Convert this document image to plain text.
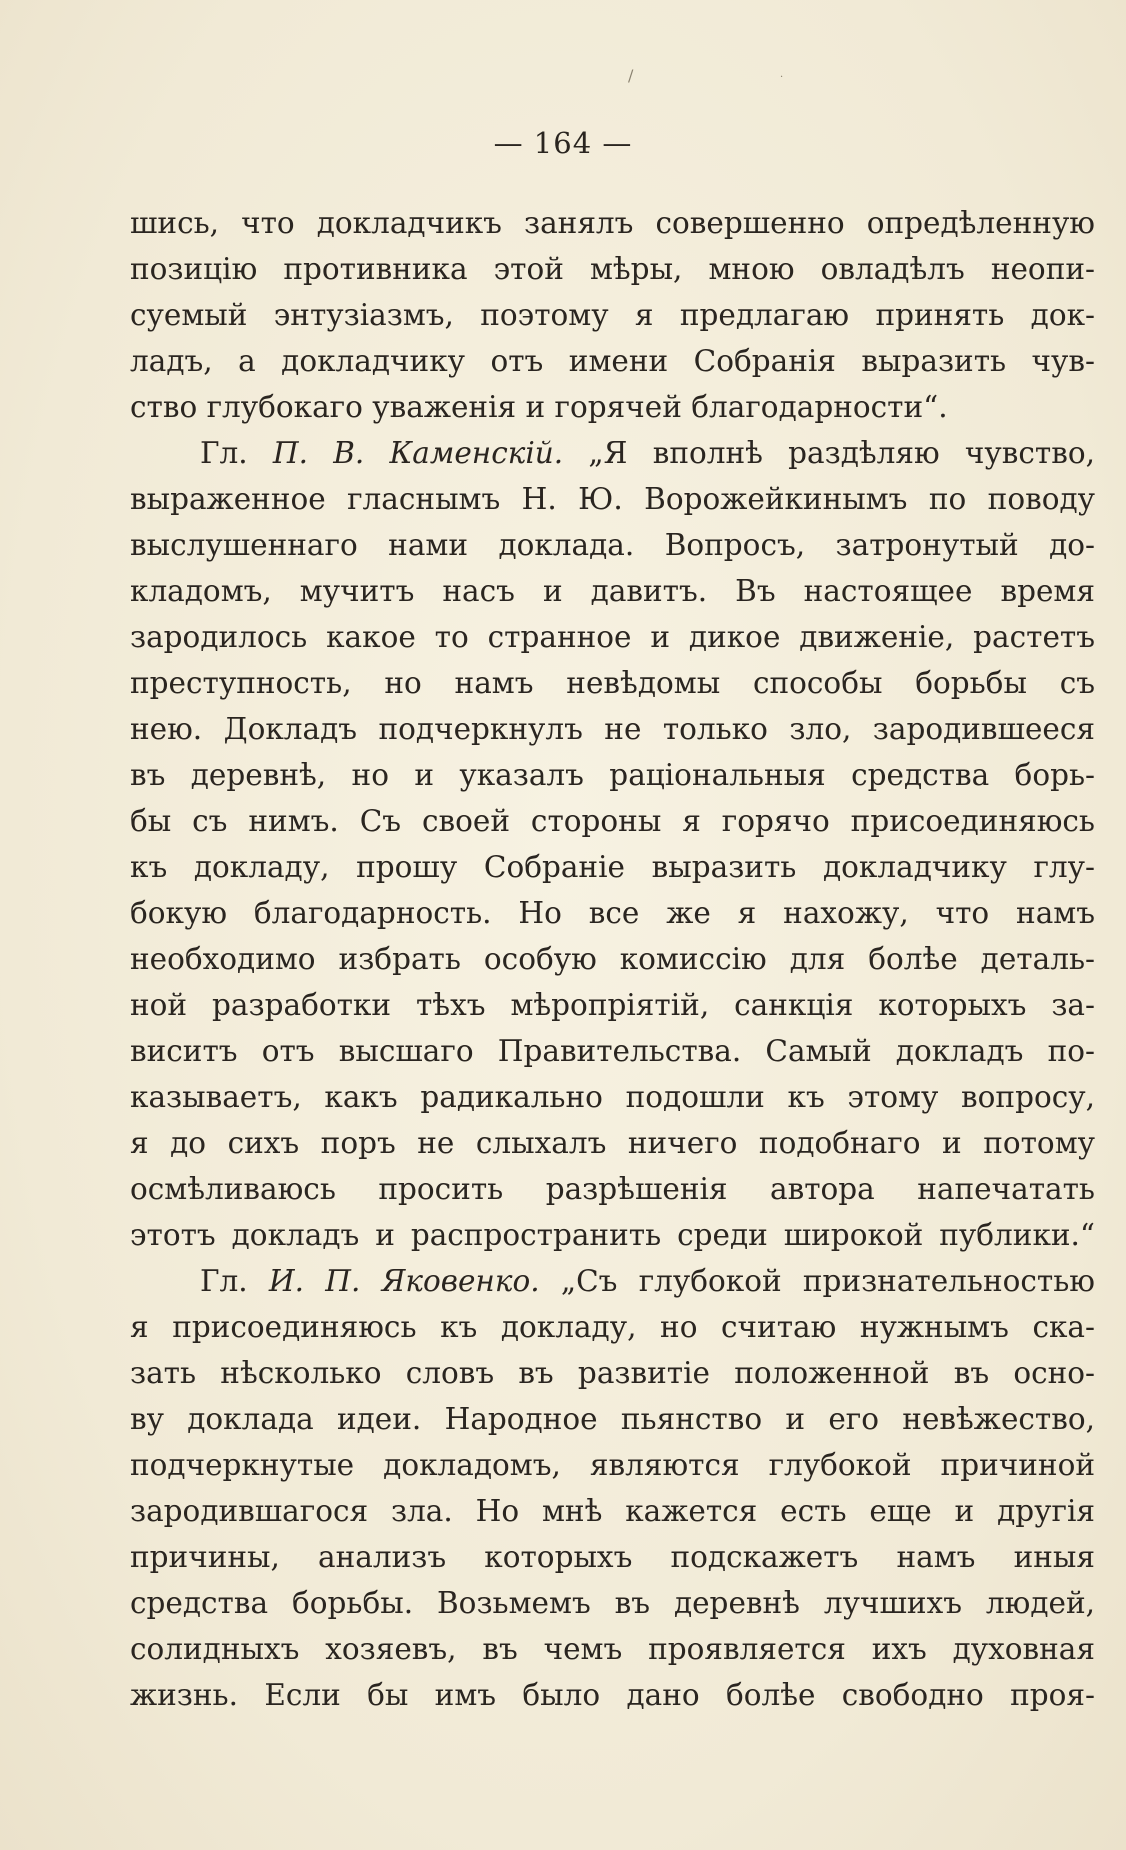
/	·
— 164 —
шись, что докладчикъ занялъ совершенно опредѣленную
позицію противника этой мѣры, мною овладѣлъ неопи-
суемый энтузіазмъ, поэтому я предлагаю принять док-
ладъ, а докладчику отъ имени Собранія выразить чув-
ство глубокаго уваженія и горячей благодарности“.
Гл. П. В. Каменскій. „Я вполнѣ раздѣляю чувство,
выраженное гласнымъ Н. Ю. Ворожейкинымъ по поводу
выслушеннаго нами доклада. Вопросъ, затронутый до-
кладомъ, мучитъ насъ и давитъ. Въ настоящее время
зародилось какое то странное и дикое движеніе, растетъ
преступность, но намъ невѣдомы способы борьбы съ
нею. Докладъ подчеркнулъ не только зло, зародившееся
въ деревнѣ, но и указалъ раціональныя средства борь-
бы съ нимъ. Съ своей стороны я горячо присоединяюсь
къ докладу, прошу Собраніе выразить докладчику глу-
бокую благодарность. Но все же я нахожу, что намъ
необходимо избрать особую комиссію для болѣе деталь-
ной разработки тѣхъ мѣропріятій, санкція которыхъ за-
виситъ отъ высшаго Правительства. Самый докладъ по-
казываетъ, какъ радикально подошли къ этому вопросу,
я до сихъ поръ не слыхалъ ничего подобнаго и потому
осмѣливаюсь просить разрѣшенія автора напечатать
этотъ докладъ и распространить среди широкой публики.“
Гл. И. П. Яковенко. „Съ глубокой признательностью
я присоединяюсь къ докладу, но считаю нужнымъ ска-
зать нѣсколько словъ въ развитіе положенной въ осно-
ву доклада идеи. Народное пьянство и его невѣжество,
подчеркнутые докладомъ, являются глубокой причиной
зародившагося зла. Но мнѣ кажется есть еще и другія
причины, анализъ которыхъ подскажетъ намъ иныя
средства борьбы. Возьмемъ въ деревнѣ лучшихъ людей,
солидныхъ хозяевъ, въ чемъ проявляется ихъ духовная
жизнь. Если бы имъ было дано болѣе свободно проя-
